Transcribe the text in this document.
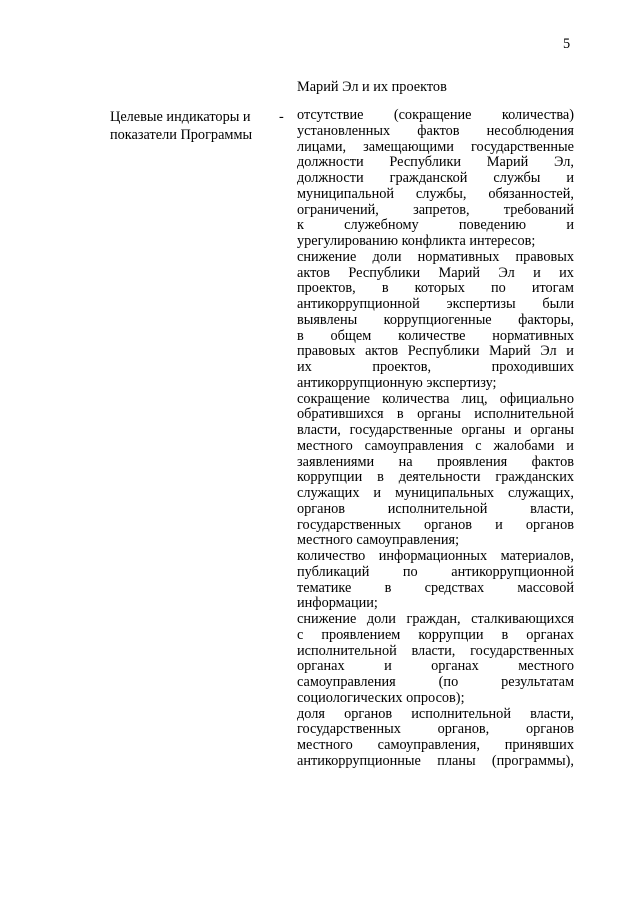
5
Марий Эл и их проектов
Целевые индикаторы и
показатели Программы
- отсутствие (сокращение количества)
установленных фактов несоблюдения
лицами, замещающими государственные
должности Республики Марий Эл,
должности гражданской службы и
муниципальной службы, обязанностей,
ограничений, запретов, требований
к	служебному	поведению	и
урегулированию конфликта интересов;
снижение доли нормативных правовых
актов Республики Марий Эл и их
проектов, в которых по итогам
антикоррупционной экспертизы были
выявлены коррупциогенные факторы,
в общем количестве нормативных
правовых актов Республики Марий Эл и
их	проектов,	проходивших
антикоррупционную экспертизу;
сокращение количества лиц, официально
обратившихся в органы исполнительной
власти, государственные органы и органы
местного самоуправления с жалобами и
заявлениями на проявления фактов
коррупции в деятельности гражданских
служащих и муниципальных служащих,
органов	исполнительной	власти,
государственных органов и органов
местного самоуправления;
количество информационных материалов,
публикаций по антикоррупционной
тематике в средствах массовой
информации;
снижение доли граждан, сталкивающихся
с проявлением коррупции в органах
исполнительной власти, государственных
органах	и	органах	местного
самоуправления	(по	результатам
социологических опросов);
доля органов исполнительной власти,
государственных	органов,	органов
местного самоуправления, принявших
антикоррупционные планы (программы),
